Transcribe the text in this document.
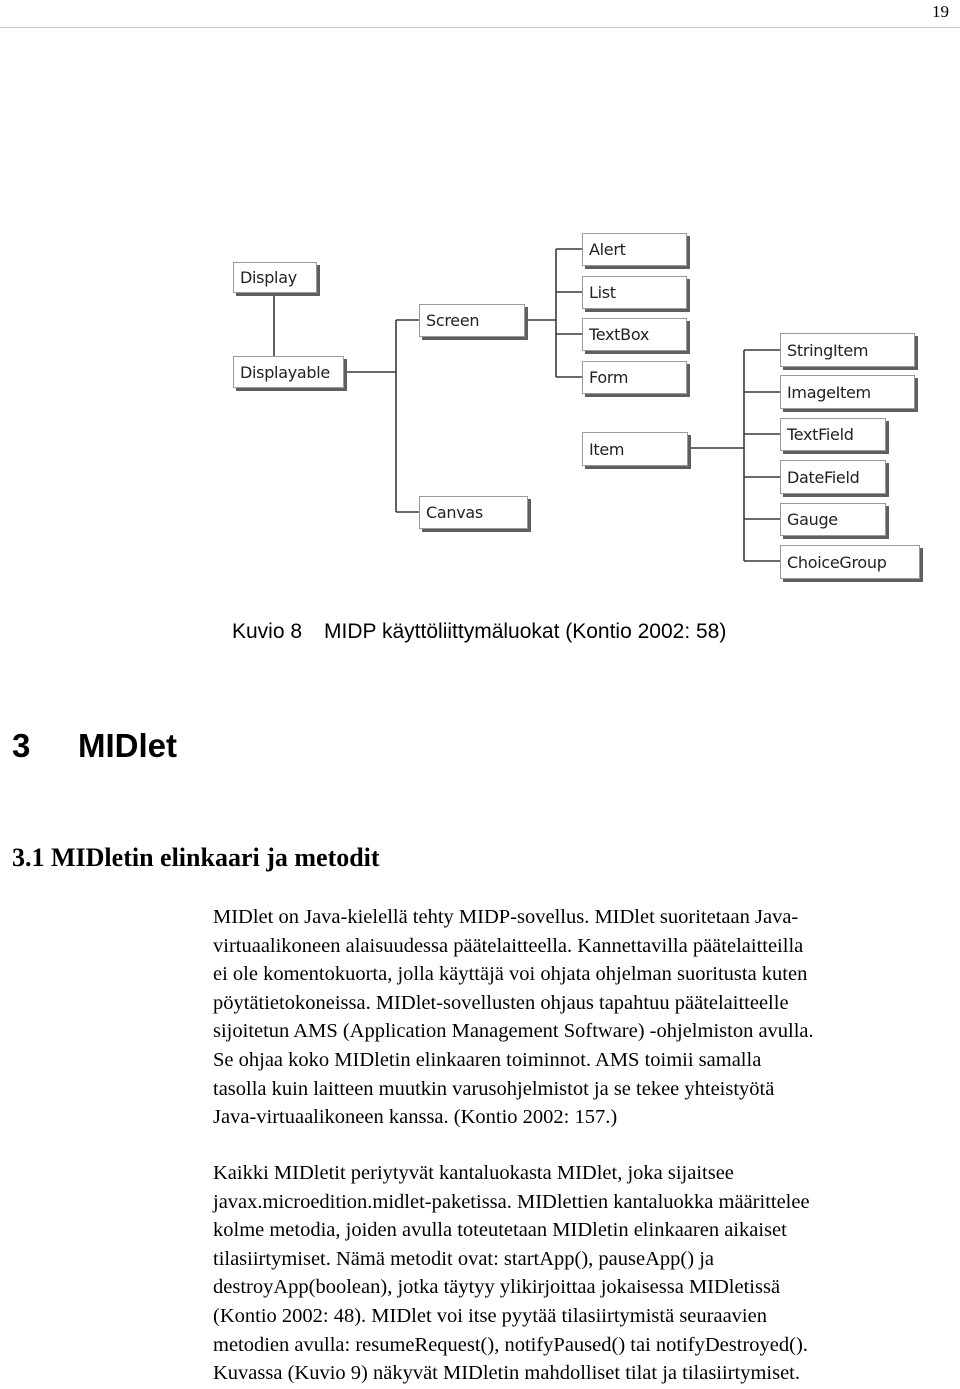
19
Display
Displayable
Screen
Canvas
Alert
List
TextBox
Form
Item
StringItem
ImageItem
TextField
DateField
Gauge
ChoiceGroup
Kuvio 8 MIDP käyttöliittymäluokat (Kontio 2002: 58)
3 MIDlet
3.1 MIDletin elinkaari ja metodit

MIDlet on Java-kielellä tehty MIDP-sovellus. MIDlet suoritetaan Java-
virtuaalikoneen alaisuudessa päätelaitteella. Kannettavilla päätelaitteilla
ei ole komentokuorta, jolla käyttäjä voi ohjata ohjelman suoritusta kuten
pöytätietokoneissa. MIDlet-sovellusten ohjaus tapahtuu päätelaitteelle
sijoitetun AMS (Application Management Software) -ohjelmiston avulla.
Se ohjaa koko MIDletin elinkaaren toiminnot. AMS toimii samalla
tasolla kuin laitteen muutkin varusohjelmistot ja se tekee yhteistyötä
Java-virtuaalikoneen kanssa. (Kontio 2002: 157.)

Kaikki MIDletit periytyvät kantaluokasta MIDlet, joka sijaitsee
javax.microedition.midlet-paketissa. MIDlettien kantaluokka määrittelee
kolme metodia, joiden avulla toteutetaan MIDletin elinkaaren aikaiset
tilasiirtymiset. Nämä metodit ovat: startApp(), pauseApp() ja
destroyApp(boolean), jotka täytyy ylikirjoittaa jokaisessa MIDletissä
(Kontio 2002: 48). MIDlet voi itse pyytää tilasiirtymistä seuraavien
metodien avulla: resumeRequest(), notifyPaused() tai notifyDestroyed().
Kuvassa (Kuvio 9) näkyvät MIDletin mahdolliset tilat ja tilasiirtymiset.
